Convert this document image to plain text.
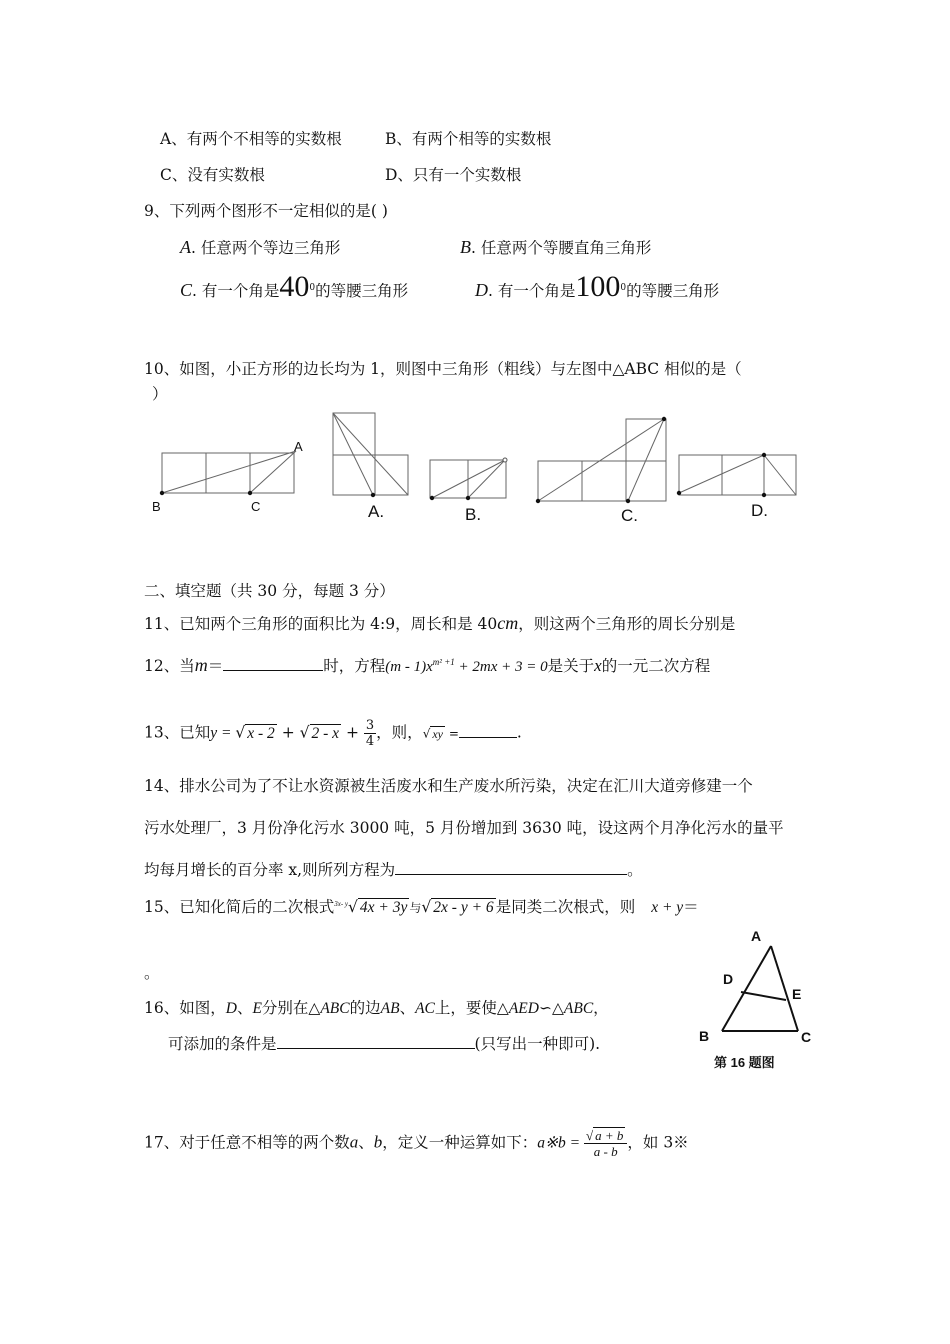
A、有两个不相等的实数根	B、有两个相等的实数根
C、没有实数根	D、只有一个实数根
9、下列两个图形不一定相似的是( )
A. 任意两个等边三角形	B. 任意两个等腰直角三角形
C. 有一个角是$40^0$的等腰三角形	D. 有一个角是$100^0$的等腰三角形
10、如图，小正方形的边长均为 1，则图中三角形（粗线）与左图中△ABC 相似的是（
）
A
B	C	A.	B.	C.	D.
二、填空题（共 30 分，每题 3 分）
11、已知两个三角形的面积比为 4:9，周长和是 40cm，则这两个三角形的周长分别是
12、当m＝	时，方程$(m - 1)x^{m^2 +1} + 2mx + 3 = 0$是关于x的一元二次方程
13、已知y = √ x - 2 + √ $2 - x + \frac{3}{4}$ ，则，√ xy =	.
14、排水公司为了不让水资源被生活废水和生产废水所污染，决定在汇川大道旁修建一个
污水处理厂，3 月份净化污水 3000 吨，5 月份增加到 3630 吨，设这两个月净化污水的量平
均每月增长的百分率 x,则所列方程为	。
15、已知化简后的二次根式$^{3x- y}$√ 4x + 3y 与√ 2x - y + 6 是同类二次根式，则 x + y＝
。
16、如图，D、E分别在△ABC的边AB、AC上，要使△AED∽△ABC，
可添加的条件是	(只写出一种即可).
A
D
E
B	C
第 16 题图
17、对于任意不相等的两个数a、b，定义一种运算如下：a※b = $\frac{√ a + b}{a - b}$ ，如 3※
